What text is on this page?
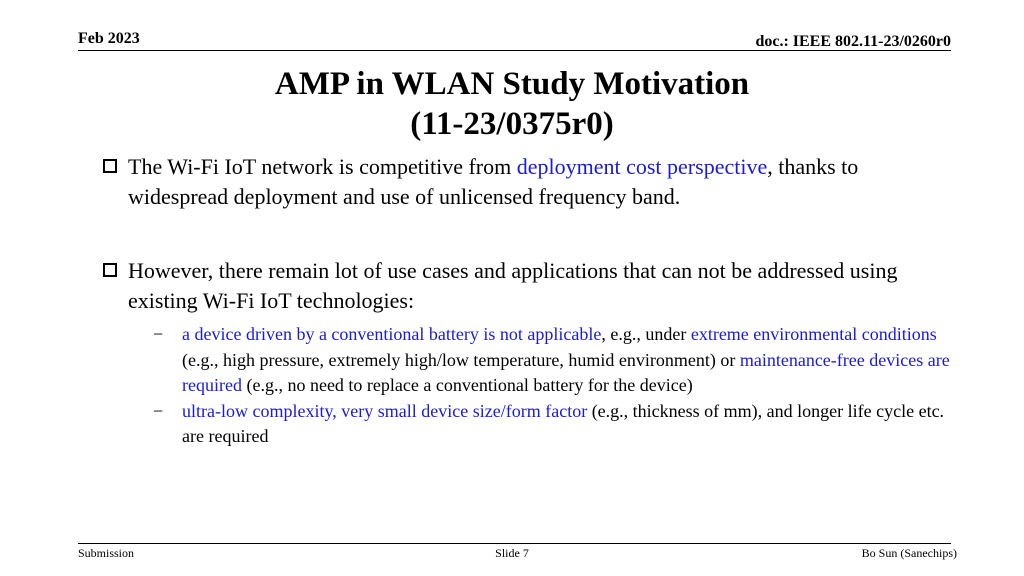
Feb 2023	doc.: IEEE 802.11-23/0260r0
AMP in WLAN Study Motivation
(11-23/0375r0)
The Wi-Fi IoT network is competitive from deployment cost perspective, thanks to widespread deployment and use of unlicensed frequency band.
However, there remain lot of use cases and applications that can not be addressed using existing Wi-Fi IoT technologies:
− a device driven by a conventional battery is not applicable, e.g., under extreme environmental conditions (e.g., high pressure, extremely high/low temperature, humid environment) or maintenance-free devices are required (e.g., no need to replace a conventional battery for the device)
− ultra-low complexity, very small device size/form factor (e.g., thickness of mm), and longer life cycle etc. are required
Submission	Slide 7	Bo Sun (Sanechips)
